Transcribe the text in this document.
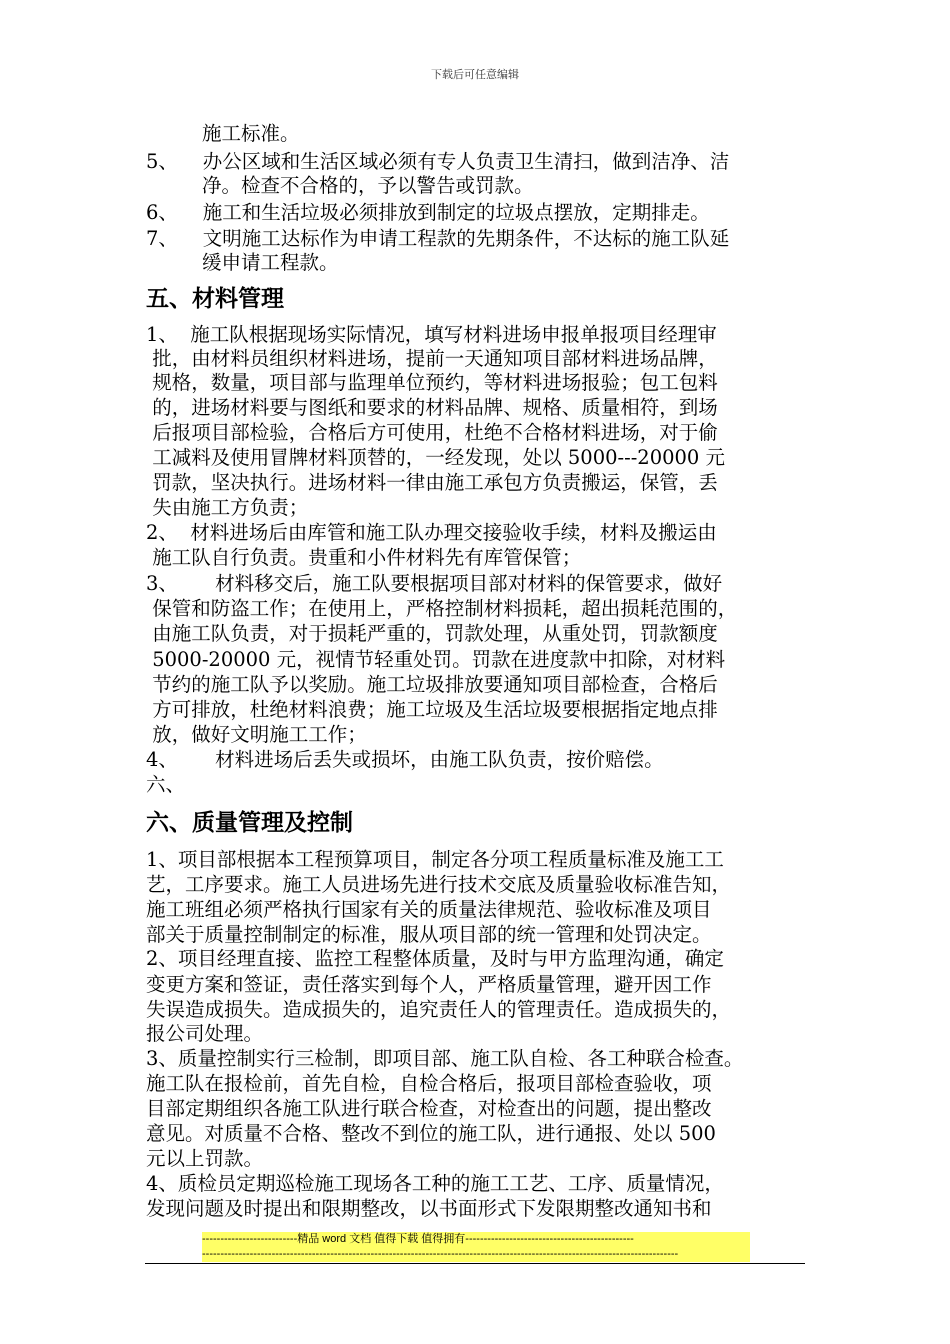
下载后可任意编辑
施工标准。
5、    办公区域和生活区域必须有专人负责卫生清扫，做到洁净、洁
净。检查不合格的，予以警告或罚款。
6、    施工和生活垃圾必须排放到制定的垃圾点摆放，定期排走。
7、    文明施工达标作为申请工程款的先期条件，不达标的施工队延
缓申请工程款。
五、材料管理
1、  施工队根据现场实际情况，填写材料进场申报单报项目经理审
批，由材料员组织材料进场，提前一天通知项目部材料进场品牌，
规格，数量，项目部与监理单位预约，等材料进场报验；包工包料
的，进场材料要与图纸和要求的材料品牌、规格、质量相符，到场
后报项目部检验，合格后方可使用，杜绝不合格材料进场，对于偷
工减料及使用冒牌材料顶替的，一经发现，处以 5000---20000 元
罚款，坚决执行。进场材料一律由施工承包方负责搬运，保管，丢
失由施工方负责；
2、  材料进场后由库管和施工队办理交接验收手续，材料及搬运由
施工队自行负责。贵重和小件材料先有库管保管；
3、      材料移交后，施工队要根据项目部对材料的保管要求，做好
保管和防盗工作；在使用上，严格控制材料损耗，超出损耗范围的，
由施工队负责，对于损耗严重的，罚款处理，从重处罚，罚款额度
5000-20000 元，视情节轻重处罚。罚款在进度款中扣除，对材料
节约的施工队予以奖励。施工垃圾排放要通知项目部检查，合格后
方可排放，杜绝材料浪费；施工垃圾及生活垃圾要根据指定地点排
放，做好文明施工工作；
4、      材料进场后丢失或损坏，由施工队负责，按价赔偿。
六、
六、质量管理及控制
1、项目部根据本工程预算项目，制定各分项工程质量标准及施工工
艺，工序要求。施工人员进场先进行技术交底及质量验收标准告知，
施工班组必须严格执行国家有关的质量法律规范、验收标准及项目
部关于质量控制制定的标准，服从项目部的统一管理和处罚决定。
2、项目经理直接、监控工程整体质量，及时与甲方监理沟通，确定
变更方案和签证，责任落实到每个人，严格质量管理，避开因工作
失误造成损失。造成损失的，追究责任人的管理责任。造成损失的，
报公司处理。
3、质量控制实行三检制，即项目部、施工队自检、各工种联合检查。
施工队在报检前，首先自检，自检合格后，报项目部检查验收，项
目部定期组织各施工队进行联合检查，对检查出的问题，提出整改
意见。对质量不合格、整改不到位的施工队，进行通报、处以 500
元以上罚款。
4、质检员定期巡检施工现场各工种的施工工艺、工序、质量情况，
发现问题及时提出和限期整改，以书面形式下发限期整改通知书和
--------------------------精品 word 文档 值得下载 值得拥有----------------------------------------------
----------------------------------------------------------------------------------------------------------------------------------
